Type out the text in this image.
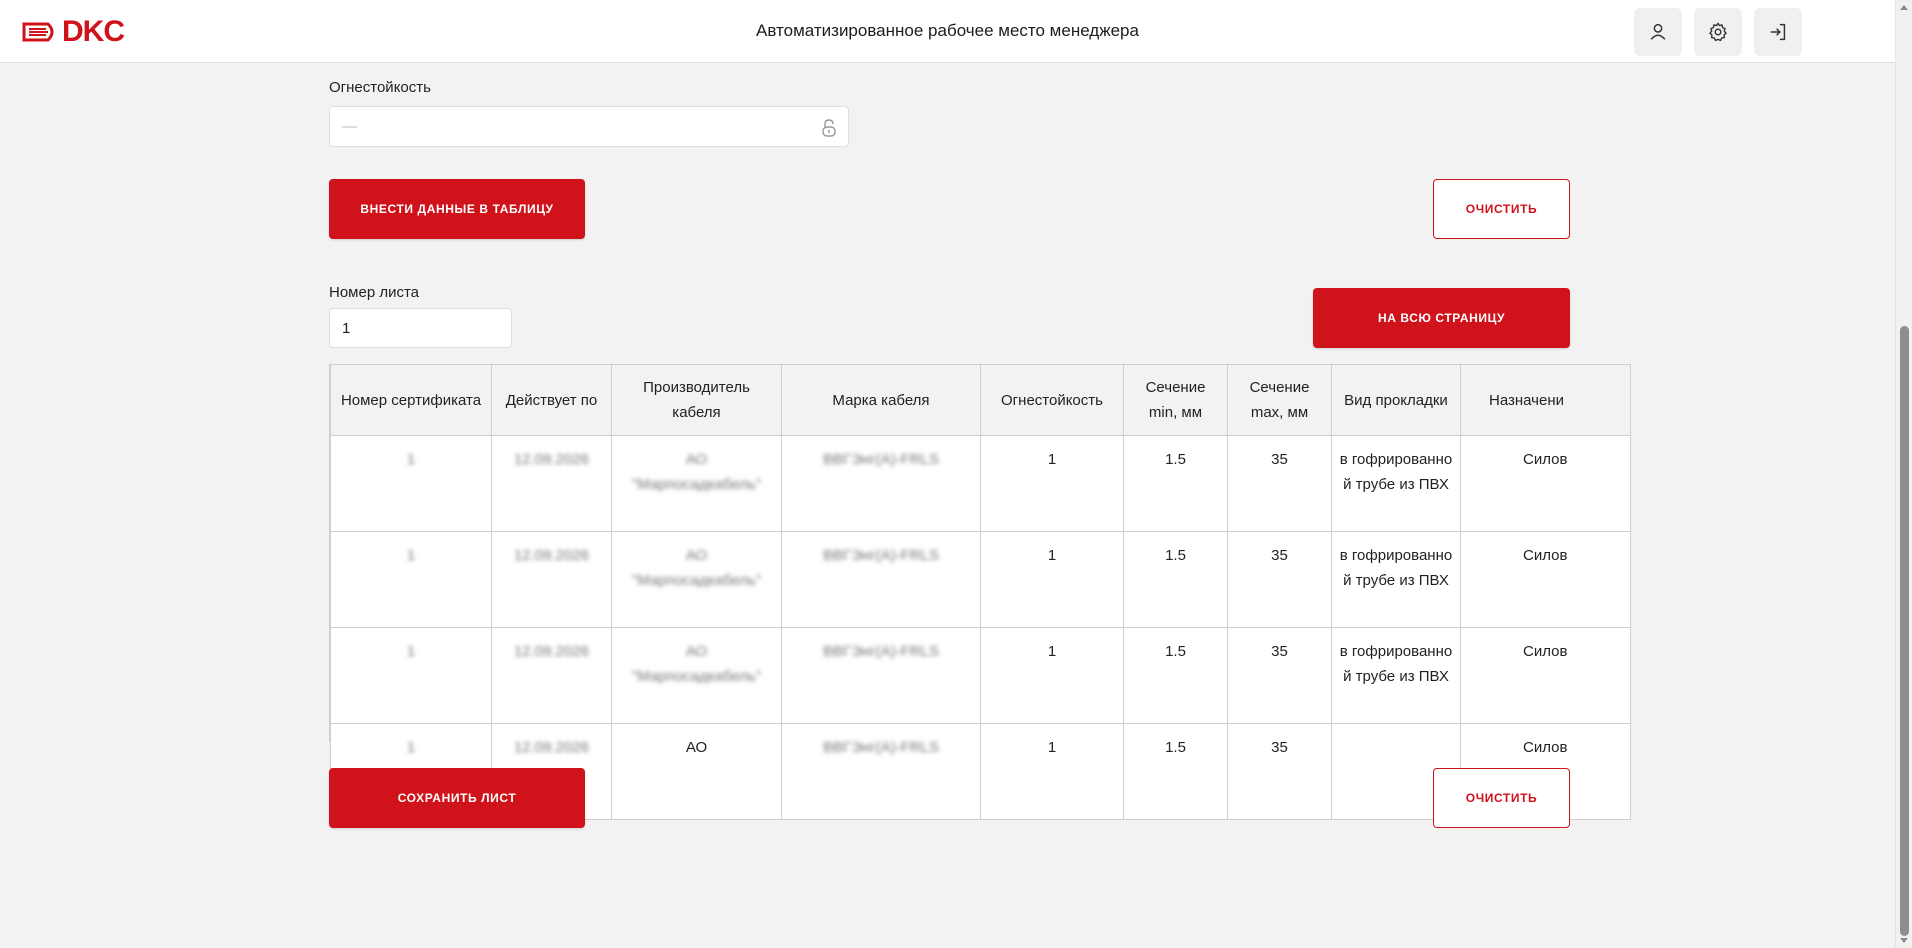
DKC	Автоматизированное рабочее место менеджера
Огнестойкость
—
ВНЕСТИ ДАННЫЕ В ТАБЛИЦУ	ОЧИСТИТЬ
Номер листа
1
НА ВСЮ СТРАНИЦУ
Номер сертификата	Действует по	Производитель кабеля	Марка кабеля	Огнестойкость	Сечение min, мм	Сечение max, мм	Вид прокладки	Назначени
1	12.09.2026	АО "Марпосадкабель"	ВВГЭнг(А)-FRLS	1	1.5	35	в гофрированной трубе из ПВХ	Силов
1	12.09.2026	АО "Марпосадкабель"	ВВГЭнг(А)-FRLS	1	1.5	35	в гофрированной трубе из ПВХ	Силов
1	12.09.2026	АО "Марпосадкабель"	ВВГЭнг(А)-FRLS	1	1.5	35	в гофрированной трубе из ПВХ	Силов
1	12.09.2026	АО	ВВГЭнг(А)-FRLS	1	1.5	35		Силов
СОХРАНИТЬ ЛИСТ	ОЧИСТИТЬ
